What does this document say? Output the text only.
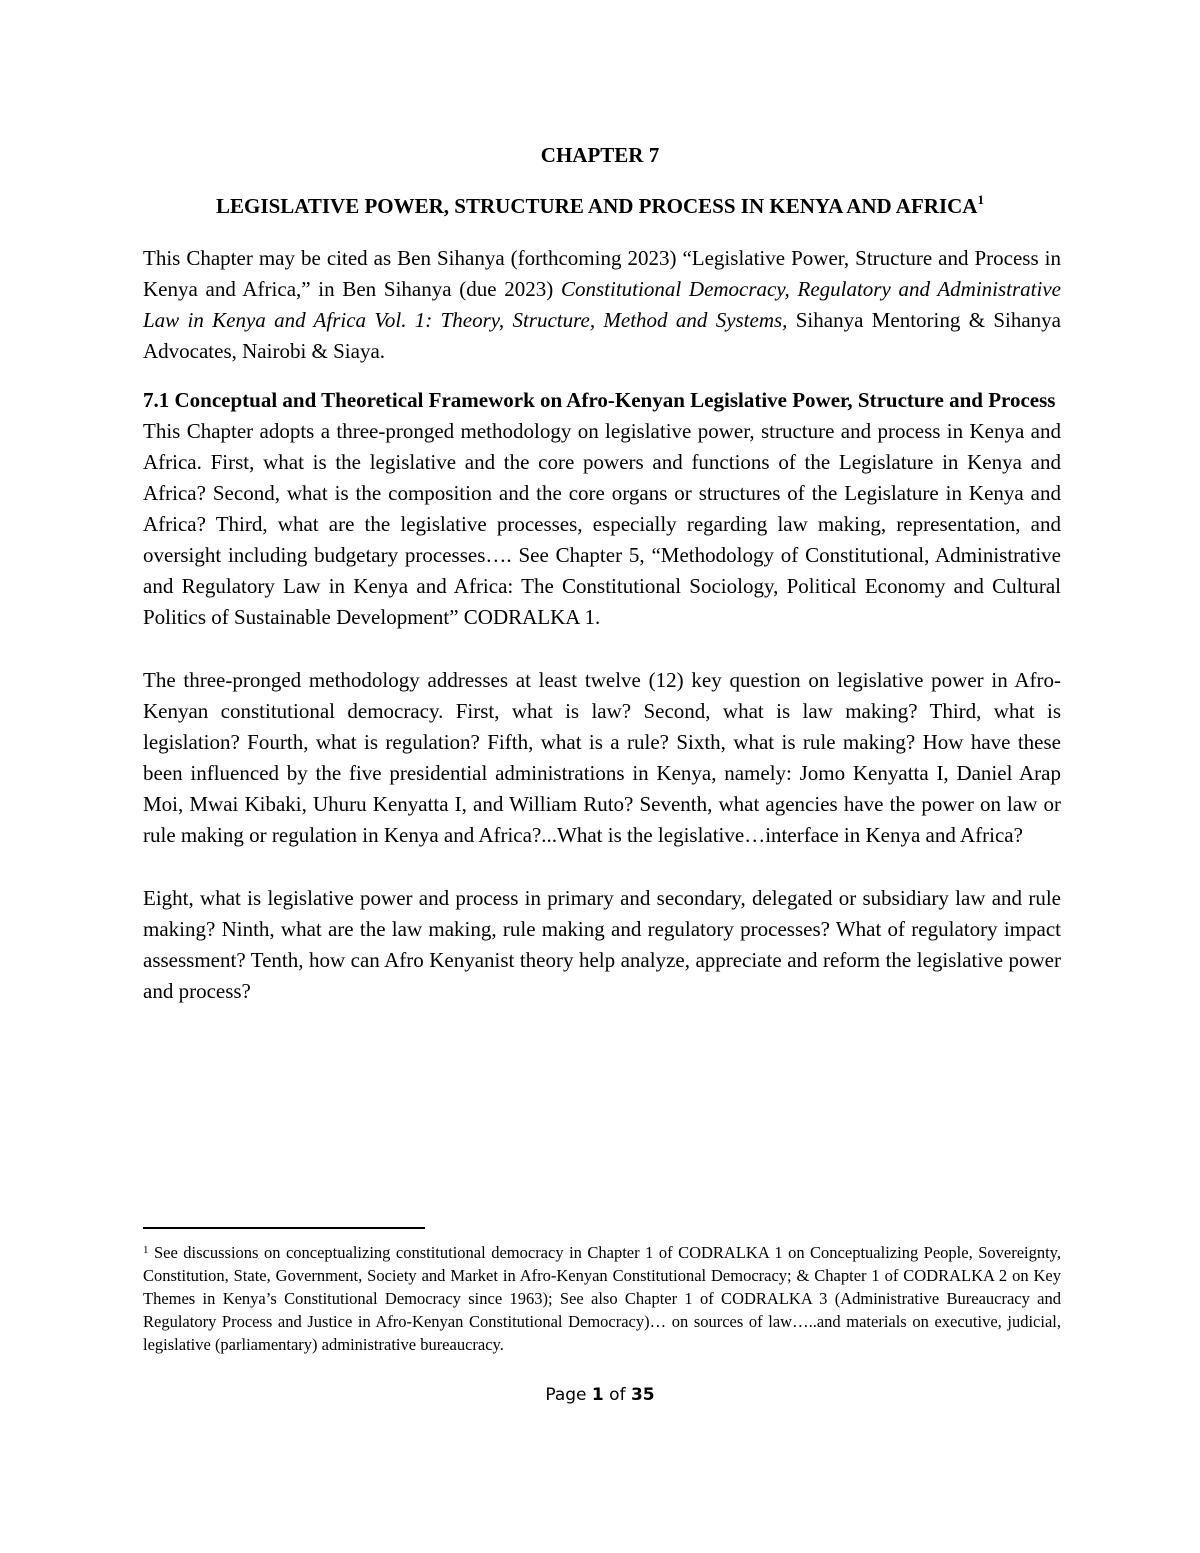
CHAPTER 7
LEGISLATIVE POWER, STRUCTURE AND PROCESS IN KENYA AND AFRICA$^1$

This Chapter may be cited as Ben Sihanya (forthcoming 2023) “Legislative Power, Structure and Process in Kenya and Africa,” in Ben Sihanya (due 2023) Constitutional Democracy, Regulatory and Administrative Law in Kenya and Africa Vol. 1: Theory, Structure, Method and Systems, Sihanya Mentoring & Sihanya Advocates, Nairobi & Siaya.

7.1 Conceptual and Theoretical Framework on Afro-Kenyan Legislative Power, Structure and Process

This Chapter adopts a three-pronged methodology on legislative power, structure and process in Kenya and Africa. First, what is the legislative and the core powers and functions of the Legislature in Kenya and Africa? Second, what is the composition and the core organs or structures of the Legislature in Kenya and Africa? Third, what are the legislative processes, especially regarding law making, representation, and oversight including budgetary processes…. See Chapter 5, “Methodology of Constitutional, Administrative and Regulatory Law in Kenya and Africa: The Constitutional Sociology, Political Economy and Cultural Politics of Sustainable Development” CODRALKA 1.

The three-pronged methodology addresses at least twelve (12) key question on legislative power in Afro-Kenyan constitutional democracy. First, what is law? Second, what is law making? Third, what is legislation? Fourth, what is regulation? Fifth, what is a rule? Sixth, what is rule making? How have these been influenced by the five presidential administrations in Kenya, namely: Jomo Kenyatta I, Daniel Arap Moi, Mwai Kibaki, Uhuru Kenyatta I, and William Ruto? Seventh, what agencies have the power on law or rule making or regulation in Kenya and Africa?...What is the legislative…interface in Kenya and Africa?

Eight, what is legislative power and process in primary and secondary, delegated or subsidiary law and rule making? Ninth, what are the law making, rule making and regulatory processes? What of regulatory impact assessment? Tenth, how can Afro Kenyanist theory help analyze, appreciate and reform the legislative power and process?

$^1$ See discussions on conceptualizing constitutional democracy in Chapter 1 of CODRALKA 1 on Conceptualizing People, Sovereignty, Constitution, State, Government, Society and Market in Afro-Kenyan Constitutional Democracy; & Chapter 1 of CODRALKA 2 on Key Themes in Kenya’s Constitutional Democracy since 1963); See also Chapter 1 of CODRALKA 3 (Administrative Bureaucracy and Regulatory Process and Justice in Afro-Kenyan Constitutional Democracy)… on sources of law…..and materials on executive, judicial, legislative (parliamentary) administrative bureaucracy.
Page 1 of 35
